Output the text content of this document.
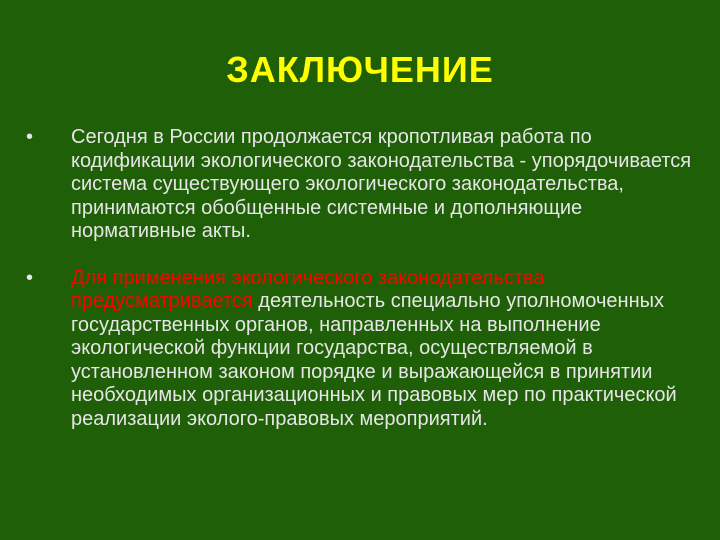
ЗАКЛЮЧЕНИЕ
• Сегодня в России продолжается кропотливая работа по кодификации экологического законодательства - упорядочивается система существующего экологического законодательства, принимаются обобщенные системные и дополняющие нормативные акты.
• Для применения экологического законодательства предусматривается деятельность специально уполномоченных государственных органов, направленных на выполнение экологической функции государства, осуществляемой в установленном законом порядке и выражающейся в принятии необходимых организационных и правовых мер по практической реализации эколого-правовых мероприятий.
